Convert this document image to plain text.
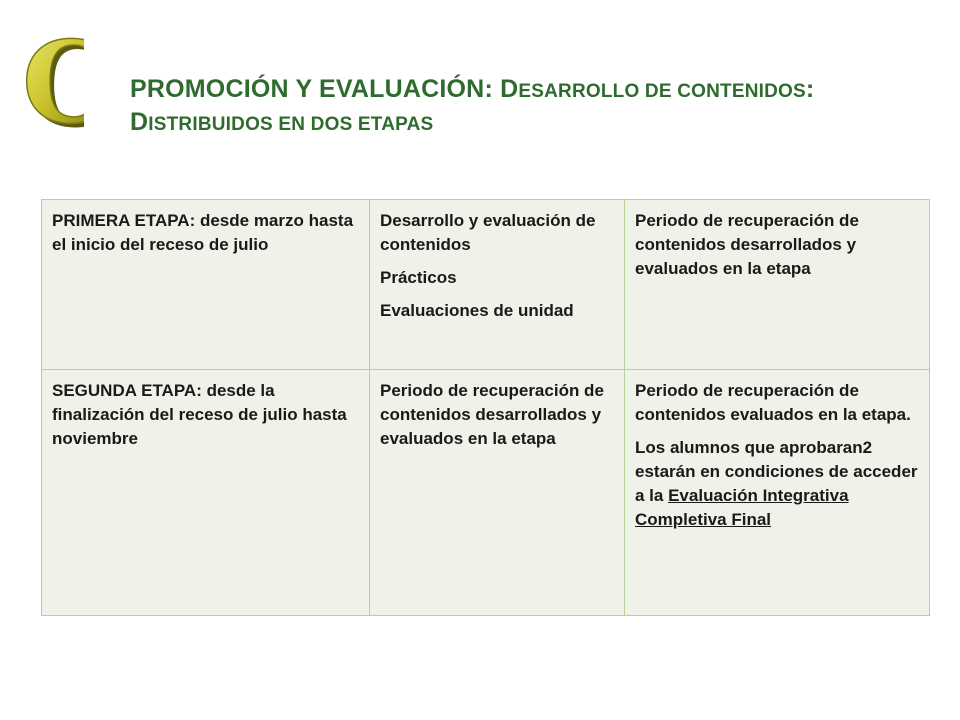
C
C PROMOCIÓN Y EVALUACIÓN: DESARROLLO DE CONTENIDOS:
DISTRIBUIDOS EN DOS ETAPAS
PRIMERA ETAPA: desde marzo hasta el inicio del receso de julio	Desarrollo y evaluación de contenidos
Prácticos
Evaluaciones de unidad	Periodo de recuperación de contenidos desarrollados y evaluados en la etapa

SEGUNDA ETAPA: desde la finalización del receso de julio hasta noviembre	Periodo de recuperación de contenidos desarrollados y evaluados en la etapa	Periodo de recuperación de contenidos evaluados en la etapa.
Los alumnos que aprobaran2 estarán en condiciones de acceder a la Evaluación Integrativa Completiva Final
